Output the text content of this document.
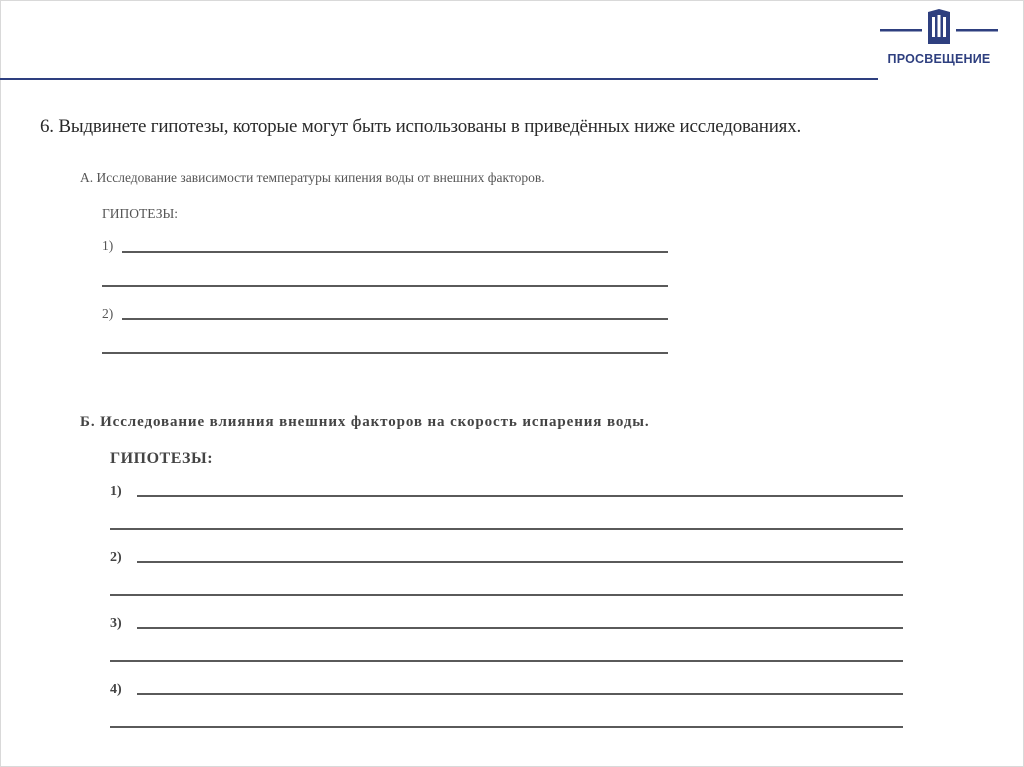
ПРОСВЕЩЕНИЕ
6. Выдвинете гипотезы, которые могут быть использованы в приведённых ниже исследованиях.
А. Исследование зависимости температуры кипения воды от внешних факторов.
ГИПОТЕЗЫ:
1)
2)
Б. Исследование влияния внешних факторов на скорость испарения воды.
ГИПОТЕЗЫ:
1)
2)
3)
4)
